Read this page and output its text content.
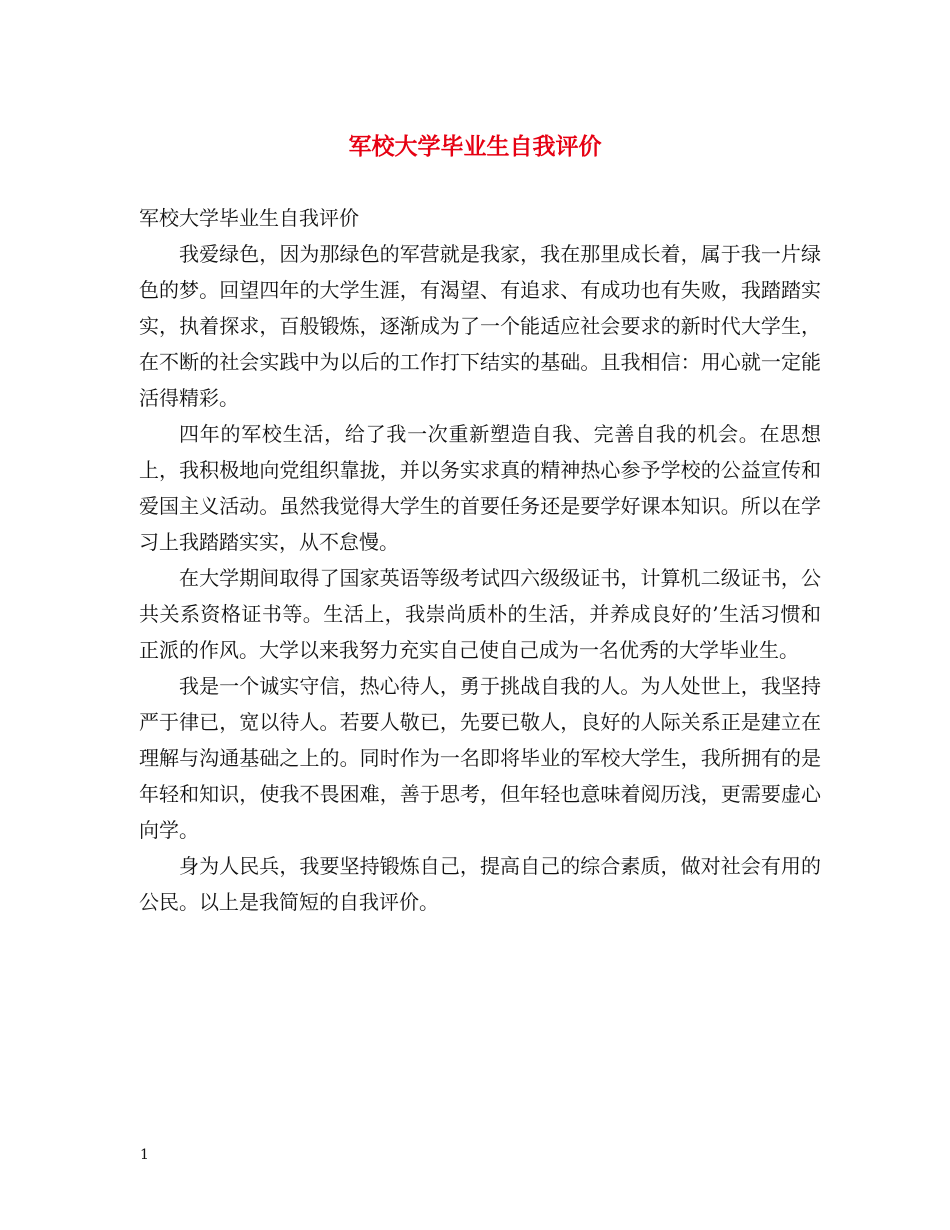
军校大学毕业生自我评价

军校大学毕业生自我评价

我爱绿色，因为那绿色的军营就是我家，我在那里成长着，属于我一片绿色的梦。回望四年的大学生涯，有渴望、有追求、有成功也有失败，我踏踏实实，执着探求，百般锻炼，逐渐成为了一个能适应社会要求的新时代大学生，在不断的社会实践中为以后的工作打下结实的基础。且我相信：用心就一定能活得精彩。

四年的军校生活，给了我一次重新塑造自我、完善自我的机会。在思想上，我积极地向党组织靠拢，并以务实求真的精神热心参予学校的公益宣传和爱国主义活动。虽然我觉得大学生的首要任务还是要学好课本知识。所以在学习上我踏踏实实，从不怠慢。

在大学期间取得了国家英语等级考试四六级级证书，计算机二级证书，公共关系资格证书等。生活上，我崇尚质朴的生活，并养成良好的’生活习惯和正派的作风。大学以来我努力充实自己使自己成为一名优秀的大学毕业生。

我是一个诚实守信，热心待人，勇于挑战自我的人。为人处世上，我坚持严于律已，宽以待人。若要人敬已，先要已敬人，良好的人际关系正是建立在理解与沟通基础之上的。同时作为一名即将毕业的军校大学生，我所拥有的是年轻和知识，使我不畏困难，善于思考，但年轻也意味着阅历浅，更需要虚心向学。

身为人民兵，我要坚持锻炼自己，提高自己的综合素质，做对社会有用的公民。以上是我简短的自我评价。

1
